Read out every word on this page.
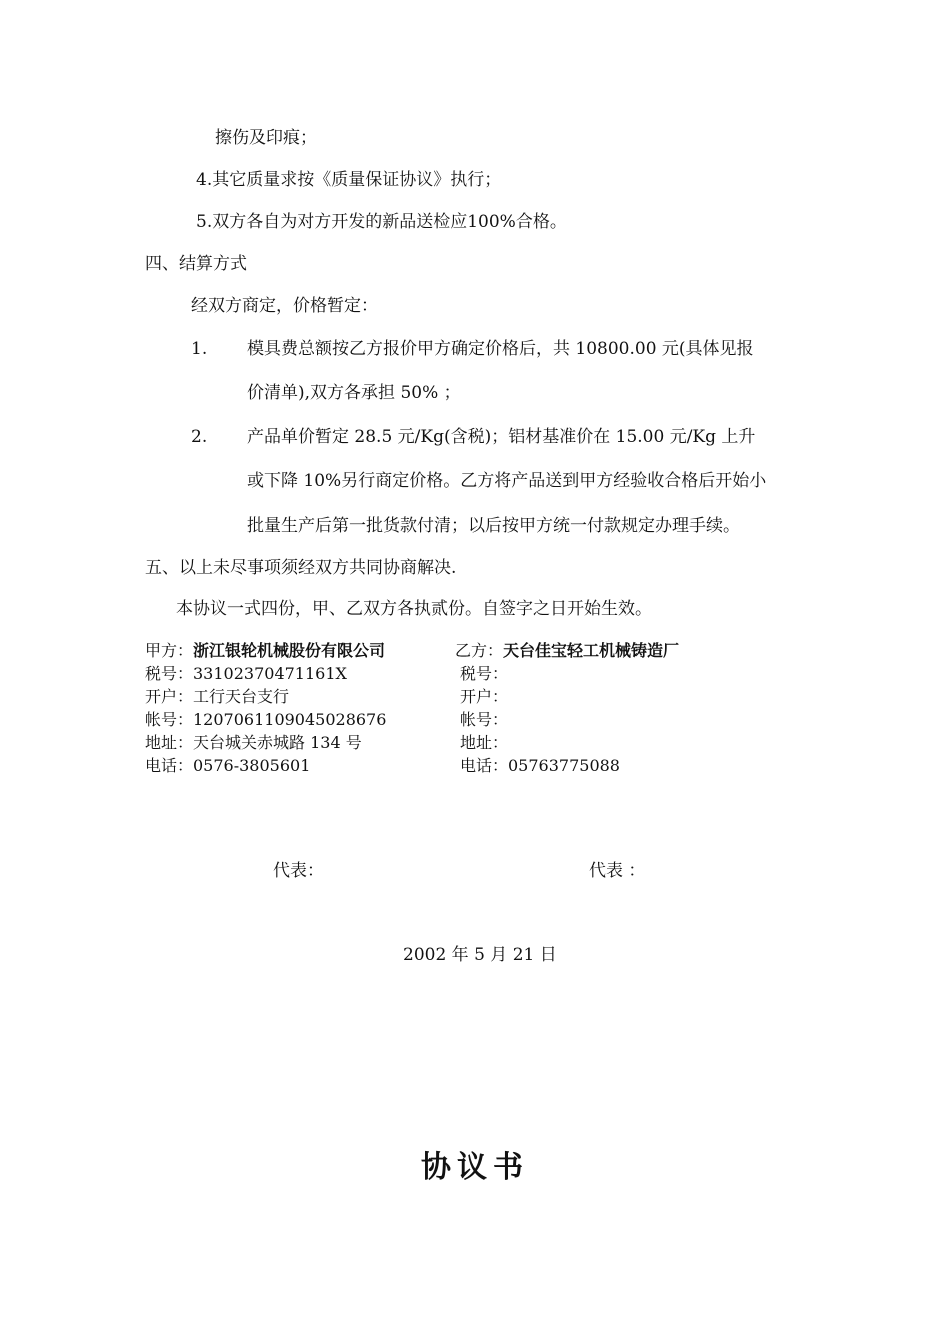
擦伤及印痕；
4.其它质量求按《质量保证协议》执行；
5.双方各自为对方开发的新品送检应100%合格。
四、结算方式
经双方商定，价格暂定：
1. 模具费总额按乙方报价甲方确定价格后，共 10800.00 元(具体见报
价清单),双方各承担 50% ；
2. 产品单价暂定 28.5 元/Kg(含税)；铝材基准价在 15.00 元/Kg 上升
或下降 10%另行商定价格。乙方将产品送到甲方经验收合格后开始小
批量生产后第一批货款付清；以后按甲方统一付款规定办理手续。
五、以上未尽事项须经双方共同协商解决.
本协议一式四份，甲、乙双方各执贰份。自签字之日开始生效。
甲方：浙江银轮机械股份有限公司
税号：33102370471161X
开户：工行天台支行
帐号：1207061109045028676
地址：天台城关赤城路 134 号
电话：0576-3805601
乙方：天台佳宝轻工机械铸造厂
税号：
开户：
帐号：
地址：
电话：05763775088
代表：	代表 ：
2002 年 5 月 21 日
协议书
